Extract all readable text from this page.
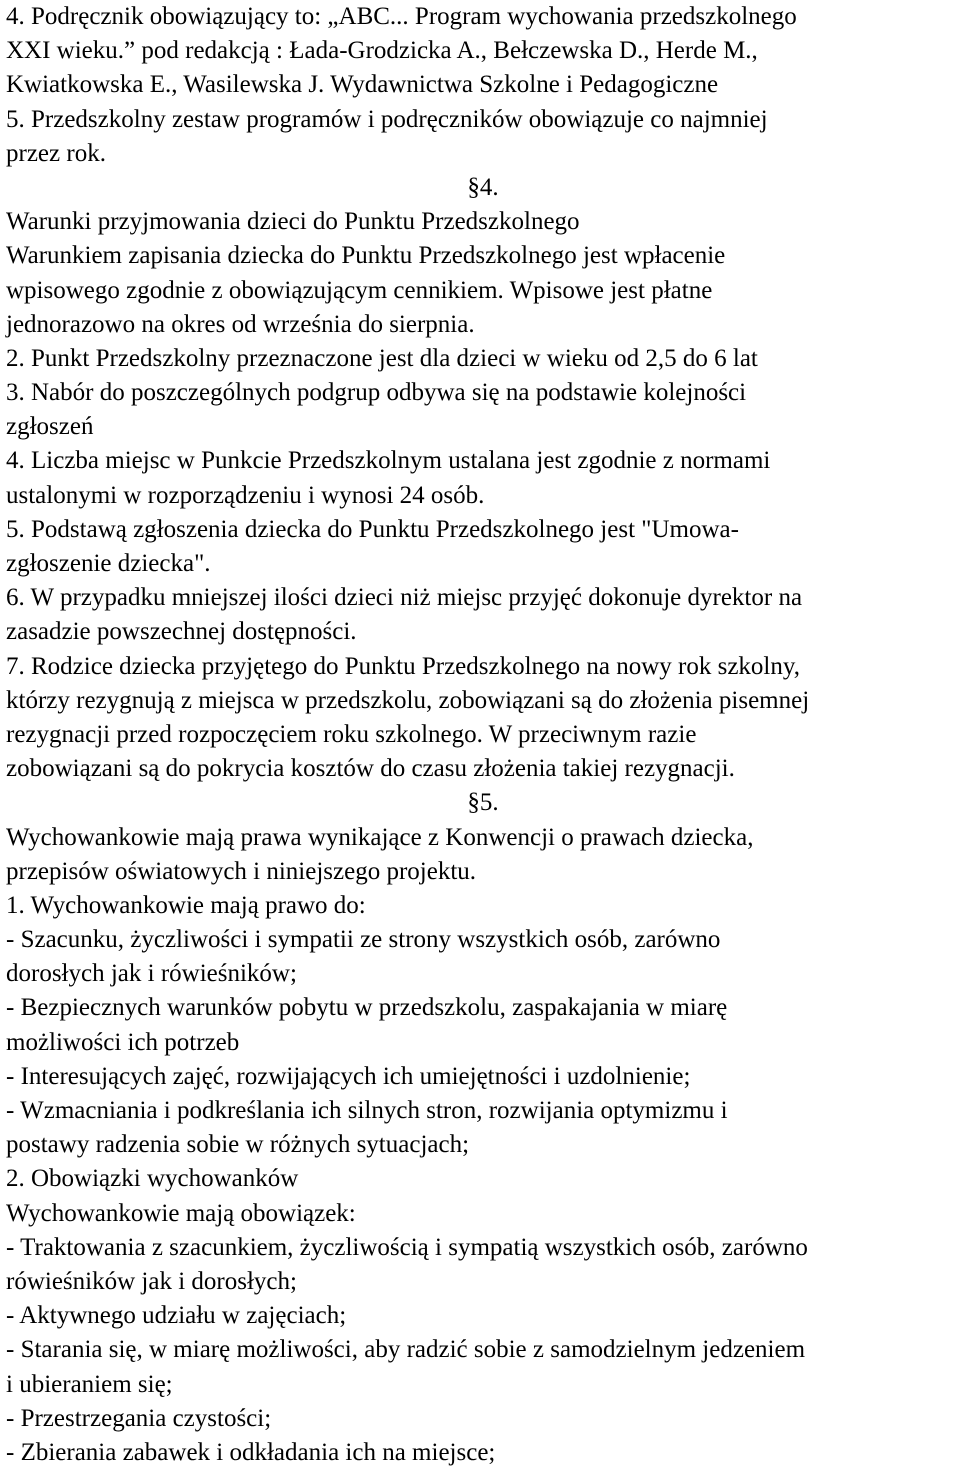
4. Podręcznik obowiązujący to: „ABC... Program wychowania przedszkolnego
XXI wieku.” pod redakcją : Łada-Grodzicka A., Bełczewska D., Herde M.,
Kwiatkowska E., Wasilewska J. Wydawnictwa Szkolne i Pedagogiczne
5. Przedszkolny zestaw programów i podręczników obowiązuje co najmniej
przez rok.
§4.
Warunki przyjmowania dzieci do Punktu Przedszkolnego
Warunkiem zapisania dziecka do Punktu Przedszkolnego jest wpłacenie
wpisowego zgodnie z obowiązującym cennikiem. Wpisowe jest płatne
jednorazowo na okres od września do sierpnia.
2. Punkt Przedszkolny przeznaczone jest dla dzieci w wieku od 2,5 do 6 lat
3. Nabór do poszczególnych podgrup odbywa się na podstawie kolejności
zgłoszeń
4. Liczba miejsc w Punkcie Przedszkolnym ustalana jest zgodnie z normami
ustalonymi w rozporządzeniu i wynosi 24 osób.
5. Podstawą zgłoszenia dziecka do Punktu Przedszkolnego jest "Umowa-
zgłoszenie dziecka".
6. W przypadku mniejszej ilości dzieci niż miejsc przyjęć dokonuje dyrektor na
zasadzie powszechnej dostępności.
7. Rodzice dziecka przyjętego do Punktu Przedszkolnego na nowy rok szkolny,
którzy rezygnują z miejsca w przedszkolu, zobowiązani są do złożenia pisemnej
rezygnacji przed rozpoczęciem roku szkolnego. W przeciwnym razie
zobowiązani są do pokrycia kosztów do czasu złożenia takiej rezygnacji.
§5.
Wychowankowie mają prawa wynikające z Konwencji o prawach dziecka,
przepisów oświatowych i niniejszego projektu.
1. Wychowankowie mają prawo do:
- Szacunku, życzliwości i sympatii ze strony wszystkich osób, zarówno
dorosłych jak i rówieśników;
- Bezpiecznych warunków pobytu w przedszkolu, zaspakajania w miarę
możliwości ich potrzeb
- Interesujących zajęć, rozwijających ich umiejętności i uzdolnienie;
- Wzmacniania i podkreślania ich silnych stron, rozwijania optymizmu i
postawy radzenia sobie w różnych sytuacjach;
2. Obowiązki wychowanków
Wychowankowie mają obowiązek:
- Traktowania z szacunkiem, życzliwością i sympatią wszystkich osób, zarówno
rówieśników jak i dorosłych;
- Aktywnego udziału w zajęciach;
- Starania się, w miarę możliwości, aby radzić sobie z samodzielnym jedzeniem
i ubieraniem się;
- Przestrzegania czystości;
- Zbierania zabawek i odkładania ich na miejsce;
